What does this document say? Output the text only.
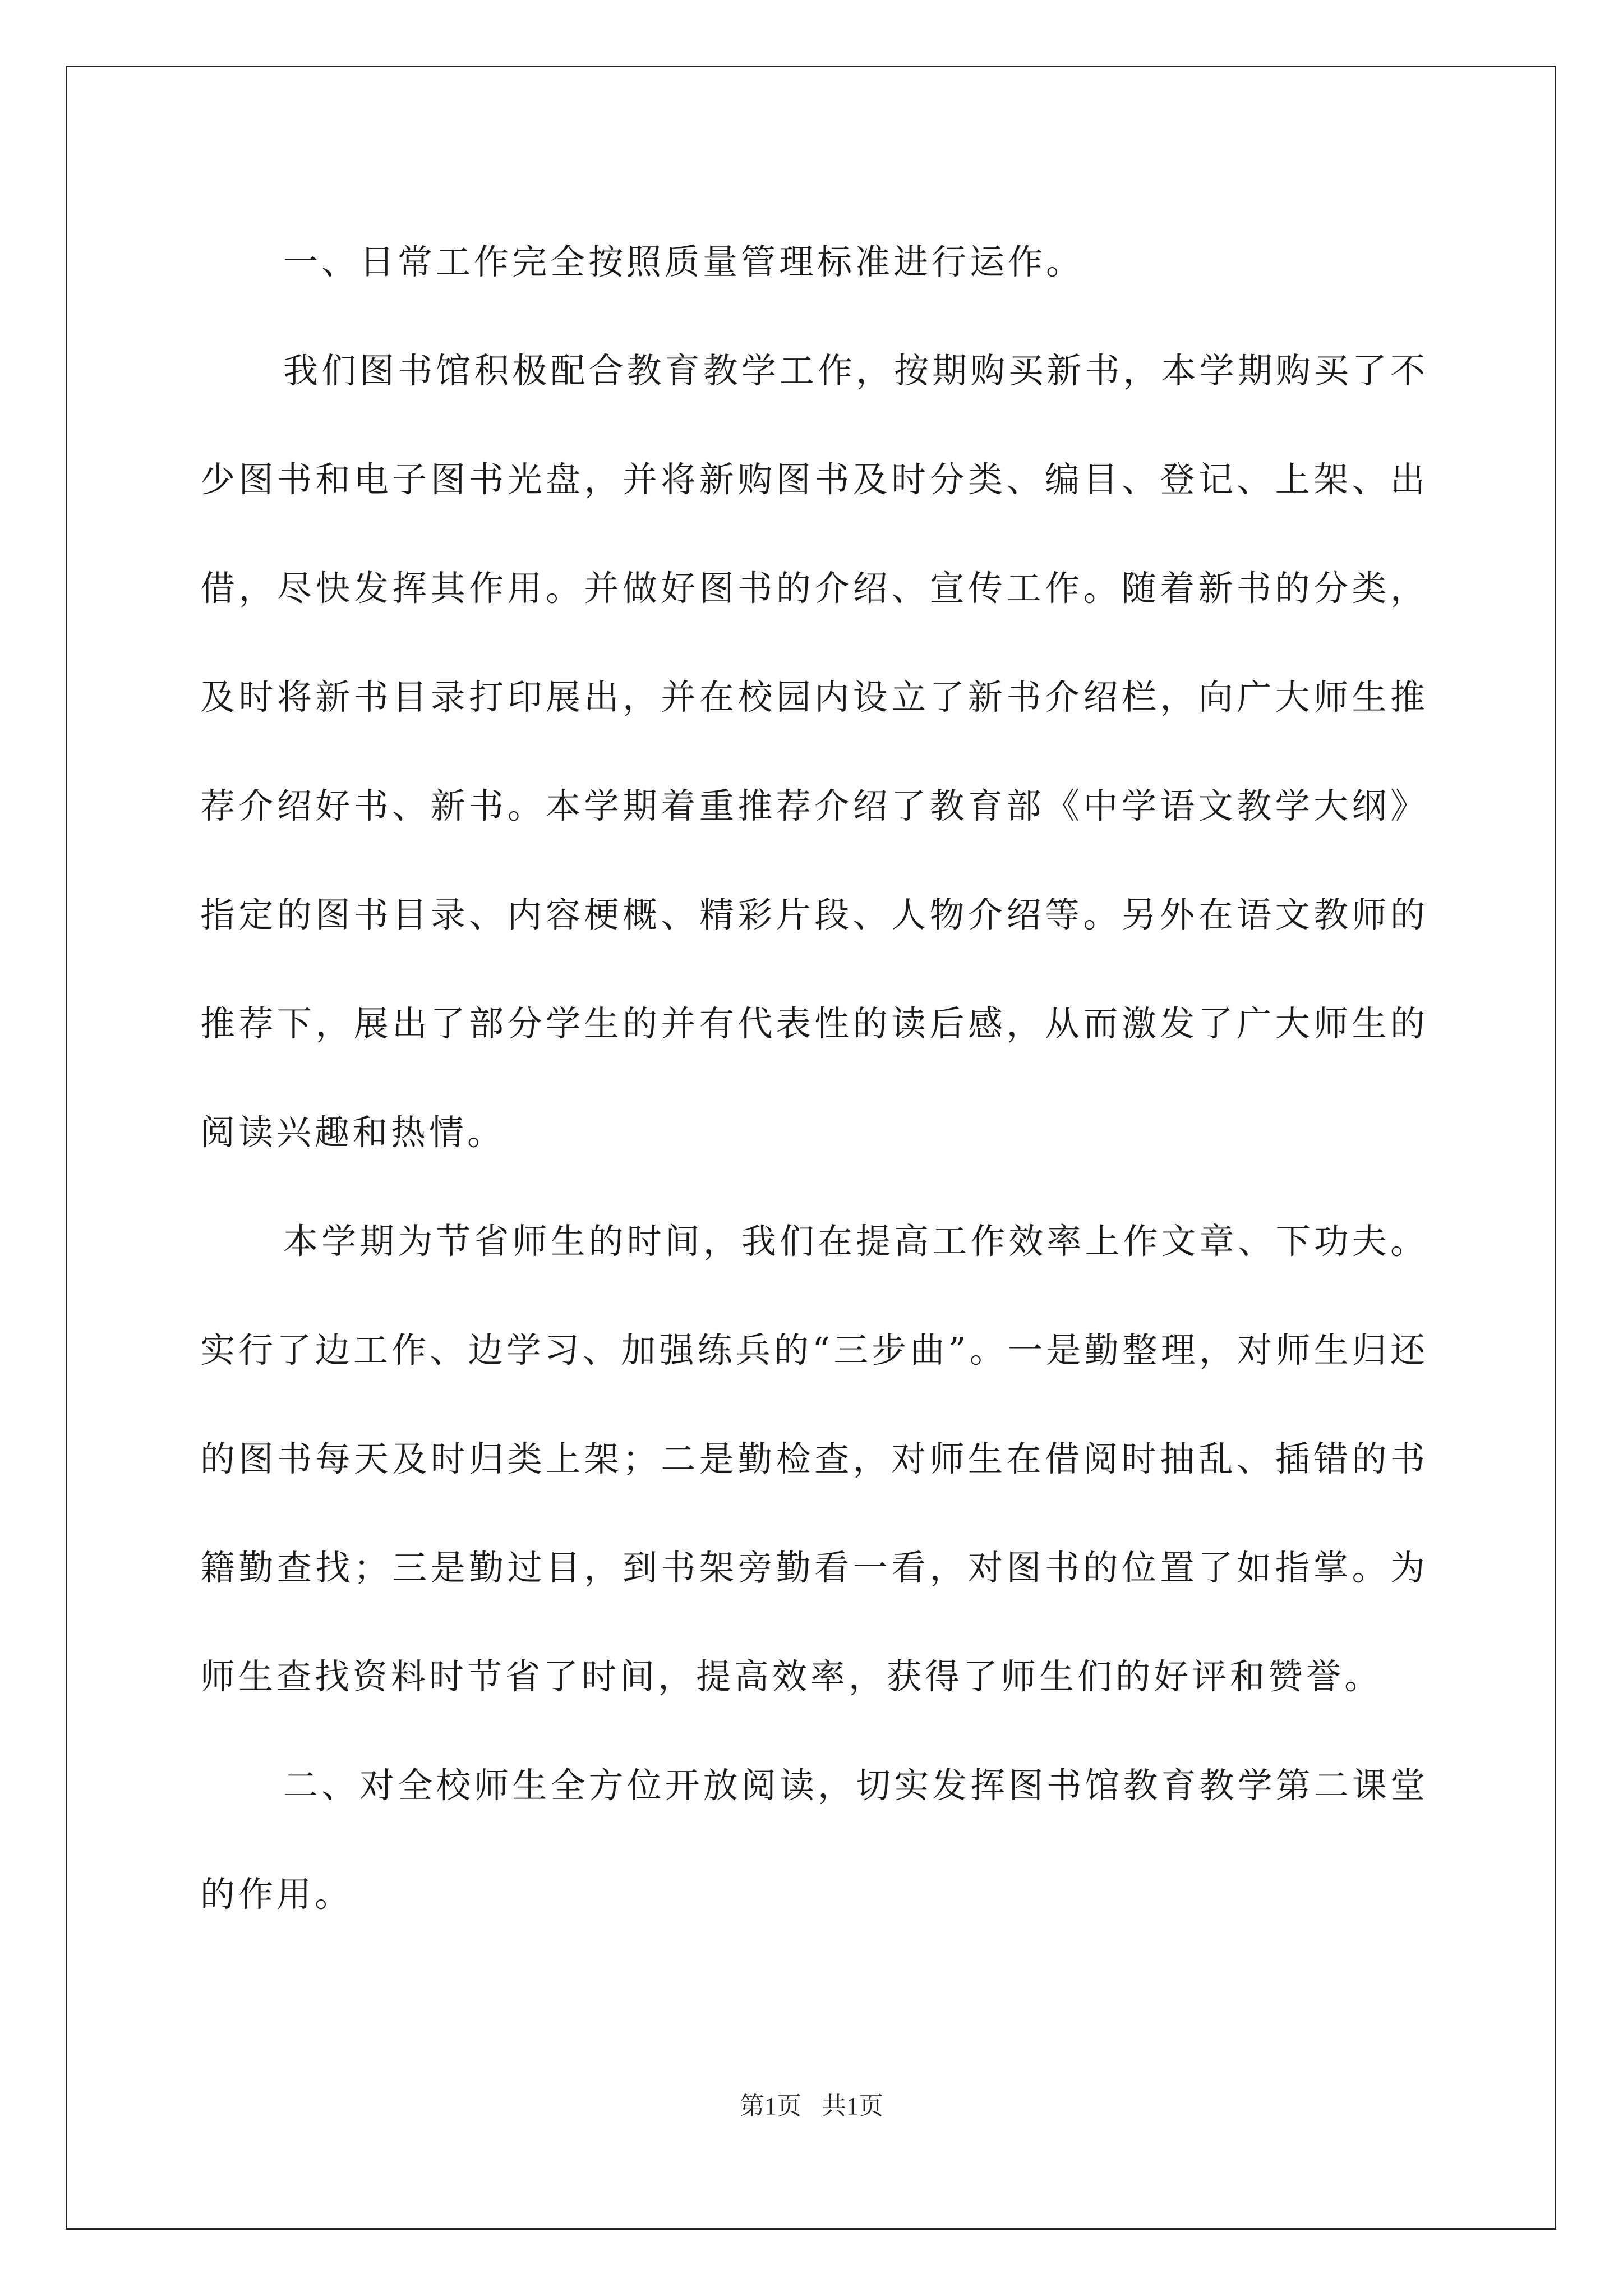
一、日常工作完全按照质量管理标准进行运作。

我们图书馆积极配合教育教学工作，按期购买新书，本学期购买了不少图书和电子图书光盘，并将新购图书及时分类、编目、登记、上架、出借，尽快发挥其作用。并做好图书的介绍、宣传工作。随着新书的分类，及时将新书目录打印展出，并在校园内设立了新书介绍栏，向广大师生推荐介绍好书、新书。本学期着重推荐介绍了教育部《中学语文教学大纲》指定的图书目录、内容梗概、精彩片段、人物介绍等。另外在语文教师的推荐下，展出了部分学生的并有代表性的读后感，从而激发了广大师生的阅读兴趣和热情。

本学期为节省师生的时间，我们在提高工作效率上作文章、下功夫。实行了边工作、边学习、加强练兵的“三步曲”。一是勤整理，对师生归还的图书每天及时归类上架；二是勤检查，对师生在借阅时抽乱、插错的书籍勤查找；三是勤过目，到书架旁勤看一看，对图书的位置了如指掌。为师生查找资料时节省了时间，提高效率，获得了师生们的好评和赞誉。

二、对全校师生全方位开放阅读，切实发挥图书馆教育教学第二课堂的作用。

第1页 共1页
